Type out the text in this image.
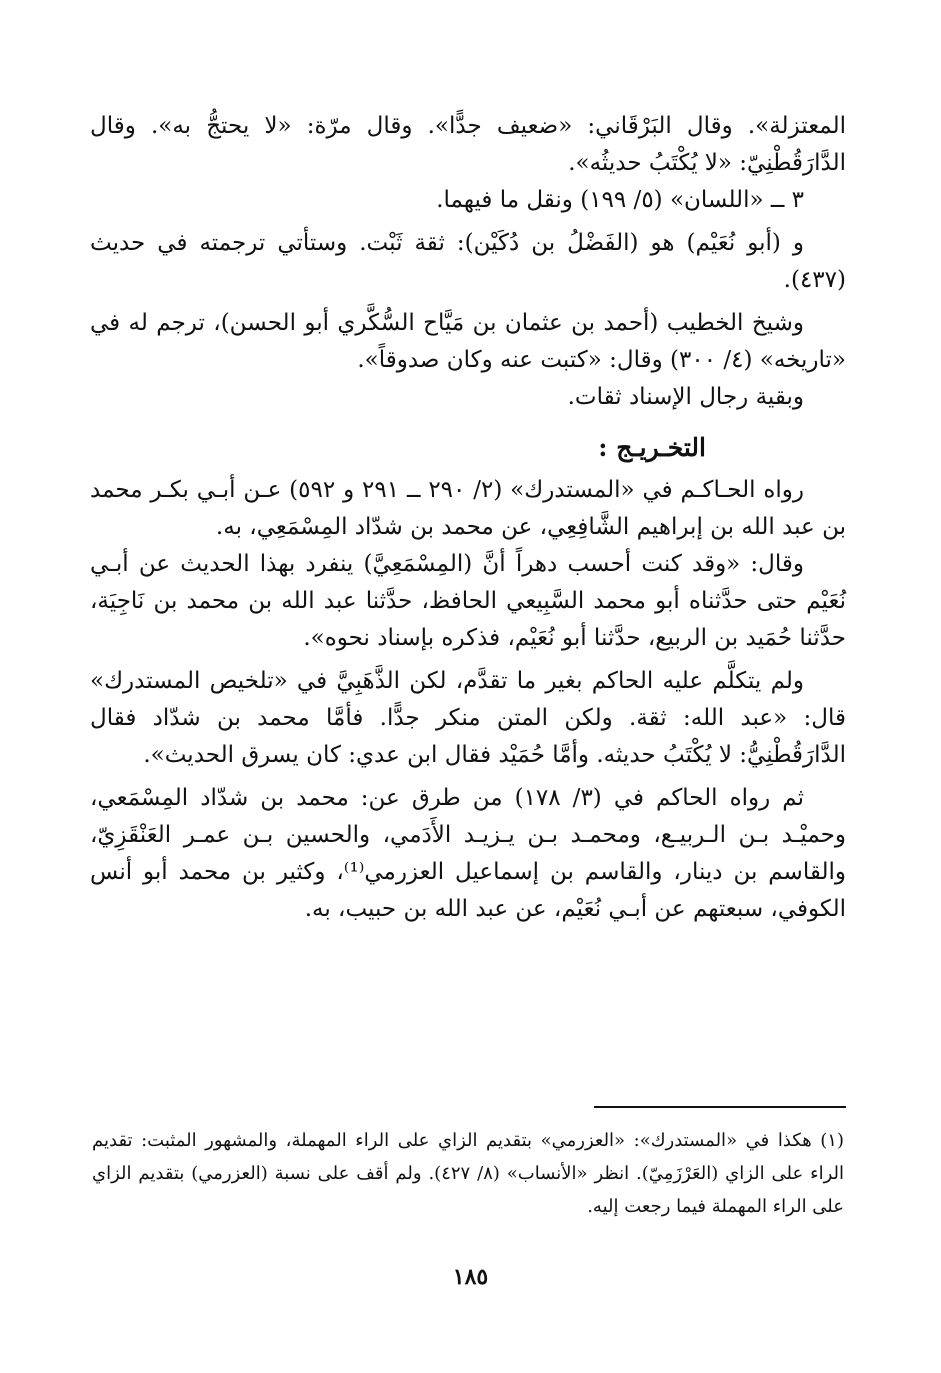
المعتزلة». وقال البَرْقَاني: «ضعيف جدًّا». وقال مرّة: «لا يحتجُّ به». وقال الدَّارَقُطْنِيّ: «لا يُكْتَبُ حديثُه».

٣ ــ «اللسان» (٥/ ١٩٩) ونقل ما فيهما.

و (أبو نُعَيْم) هو (الفَضْلُ بن دُكَيْن): ثقة ثَبْت. وستأتي ترجمته في حديث (٤٣٧).

وشيخ الخطيب (أحمد بن عثمان بن مَيَّاح السُّكَّري أبو الحسن)، ترجم له في «تاريخه» (٤/ ٣٠٠) وقال: «كتبت عنه وكان صدوقاً».

وبقية رجال الإسناد ثقات.

التخـريـج :

رواه الحـاكـم في «المستدرك» (٢/ ٢٩٠ ــ ٢٩١ و ٥٩٢) عـن أبـي بكـر محمد بن عبد الله بن إبراهيم الشَّافِعِي، عن محمد بن شدّاد المِسْمَعِي، به.

وقال: «وقد كنت أحسب دهراً أنَّ (المِسْمَعِيَّ) ينفرد بهذا الحديث عن أبـي نُعَيْم حتى حدَّثناه أبو محمد السَّبِيعي الحافظ، حدَّثنا عبد الله بن محمد بن نَاجِيَة، حدَّثنا حُمَيد بن الربيع، حدَّثنا أبو نُعَيْم، فذكره بإسناد نحوه».

ولم يتكلَّم عليه الحاكم بغير ما تقدَّم، لكن الذَّهَبِيَّ في «تلخيص المستدرك» قال: «عبد الله: ثقة. ولكن المتن منكر جدًّا. فأمَّا محمد بن شدّاد فقال الدَّارَقُطْنِيُّ: لا يُكْتَبُ حديثه. وأمَّا حُمَيْد فقال ابن عدي: كان يسرق الحديث».

ثم رواه الحاكم في (٣/ ١٧٨) من طرق عن: محمد بن شدّاد المِسْمَعي، وحميْـد بـن الـربيـع، ومحمـد بـن يـزيـد الأَدَمي، والحسين بـن عمـر العَنْقَزِيّ، والقاسم بن دينار، والقاسم بن إسماعيل العزرمي⁽¹⁾، وكثير بن محمد أبو أنس الكوفي، سبعتهم عن أبـي نُعَيْم، عن عبد الله بن حبيب، به.

(١) هكذا في «المستدرك»: «العزرمي» بتقديم الزاي على الراء المهملة، والمشهور المثبت: تقديم الراء على الزاي (العَرْزَمِيّ). انظر «الأنساب» (٨/ ٤٢٧). ولم أقف على نسبة (العزرمي) بتقديم الزاي على الراء المهملة فيما رجعت إليه.

١٨٥
